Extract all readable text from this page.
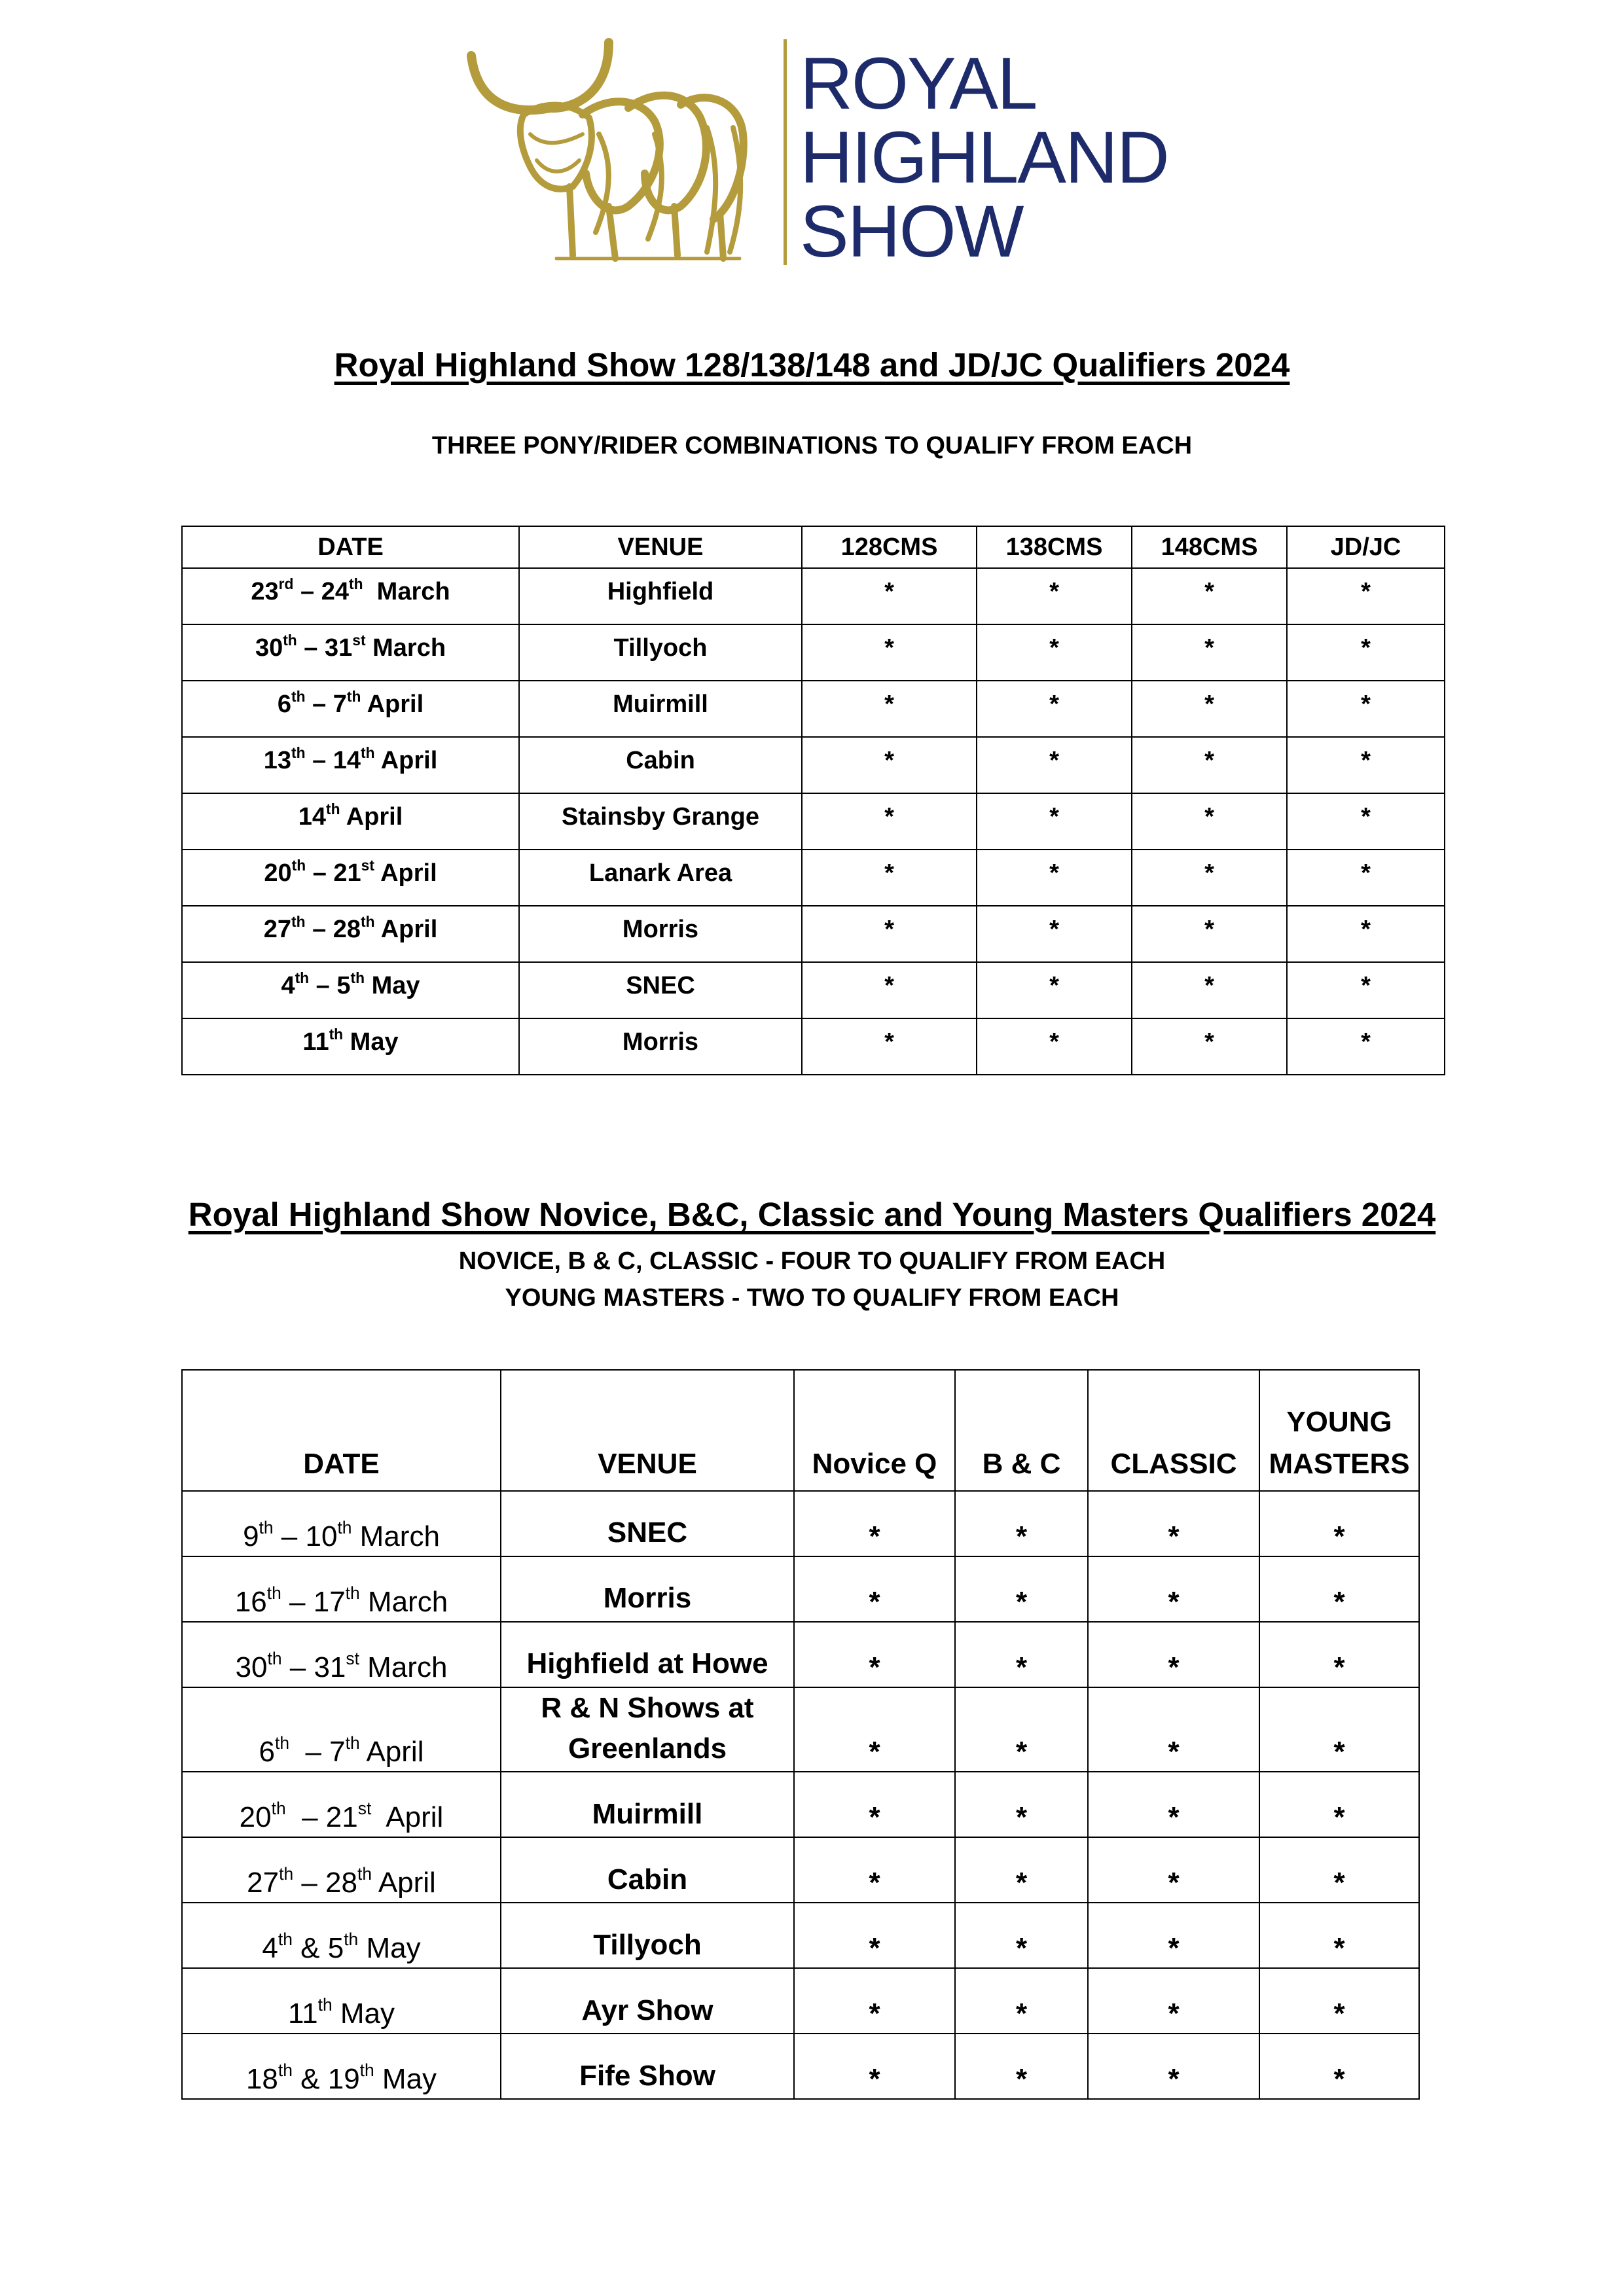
ROYAL
HIGHLAND
SHOW
Royal Highland Show 128/138/148 and JD/JC Qualifiers 2024
THREE PONY/RIDER COMBINATIONS TO QUALIFY FROM EACH
DATE	VENUE	128CMS	138CMS	148CMS	JD/JC
23rd – 24th  March	Highfield	*	*	*	*
30th – 31st March	Tillyoch	*	*	*	*
6th – 7th April	Muirmill	*	*	*	*
13th – 14th April	Cabin	*	*	*	*
14th April	Stainsby Grange	*	*	*	*
20th – 21st April	Lanark Area	*	*	*	*
27th – 28th April	Morris	*	*	*	*
4th – 5th May	SNEC	*	*	*	*
11th May	Morris	*	*	*	*
Royal Highland Show Novice, B&C, Classic and Young Masters Qualifiers 2024
NOVICE, B & C, CLASSIC - FOUR TO QUALIFY FROM EACH
YOUNG MASTERS - TWO TO QUALIFY FROM EACH
DATE	VENUE	Novice Q	B & C	CLASSIC	YOUNG
MASTERS
9th – 10th March	SNEC	*	*	*	*
16th – 17th March	Morris	*	*	*	*
30th – 31st March	Highfield at Howe	*	*	*	*
6th  – 7th April	R & N Shows at
Greenlands	*	*	*	*
20th  – 21st  April	Muirmill	*	*	*	*
27th – 28th April	Cabin	*	*	*	*
4th & 5th May	Tillyoch	*	*	*	*
11th May	Ayr Show	*	*	*	*
18th & 19th May	Fife Show	*	*	*	*
